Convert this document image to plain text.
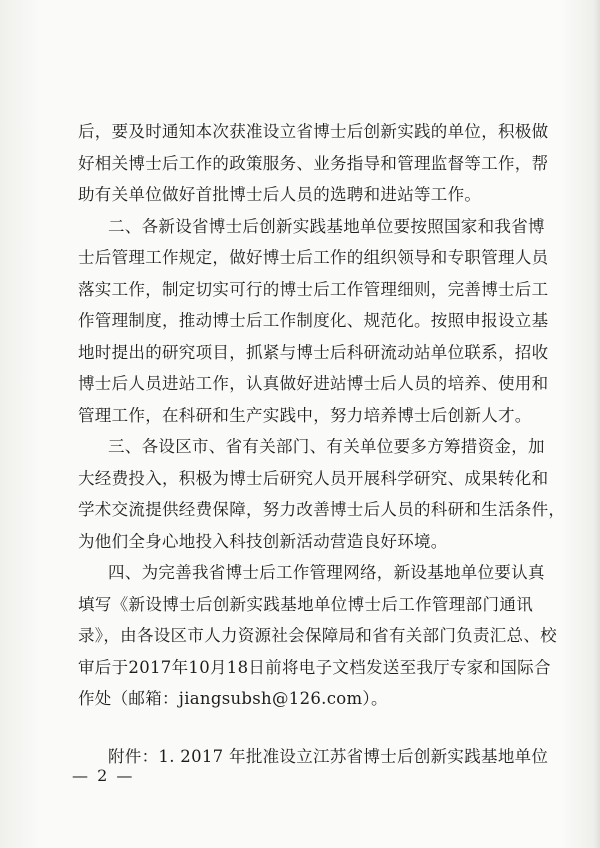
后，要及时通知本次获准设立省博士后创新实践的单位，积极做
好相关博士后工作的政策服务、业务指导和管理监督等工作，帮
助有关单位做好首批博士后人员的选聘和进站等工作。
二、各新设省博士后创新实践基地单位要按照国家和我省博
士后管理工作规定，做好博士后工作的组织领导和专职管理人员
落实工作，制定切实可行的博士后工作管理细则，完善博士后工
作管理制度，推动博士后工作制度化、规范化。按照申报设立基
地时提出的研究项目，抓紧与博士后科研流动站单位联系，招收
博士后人员进站工作，认真做好进站博士后人员的培养、使用和
管理工作，在科研和生产实践中，努力培养博士后创新人才。
三、各设区市、省有关部门、有关单位要多方筹措资金，加
大经费投入，积极为博士后研究人员开展科学研究、成果转化和
学术交流提供经费保障，努力改善博士后人员的科研和生活条件，
为他们全身心地投入科技创新活动营造良好环境。
四、为完善我省博士后工作管理网络，新设基地单位要认真
填写《新设博士后创新实践基地单位博士后工作管理部门通讯
录》，由各设区市人力资源社会保障局和省有关部门负责汇总、校
审后于2017年10月18日前将电子文档发送至我厅专家和国际合
作处（邮箱：jiangsubsh@126.com）。
附件：1. 2017 年批准设立江苏省博士后创新实践基地单位
— 2 —
